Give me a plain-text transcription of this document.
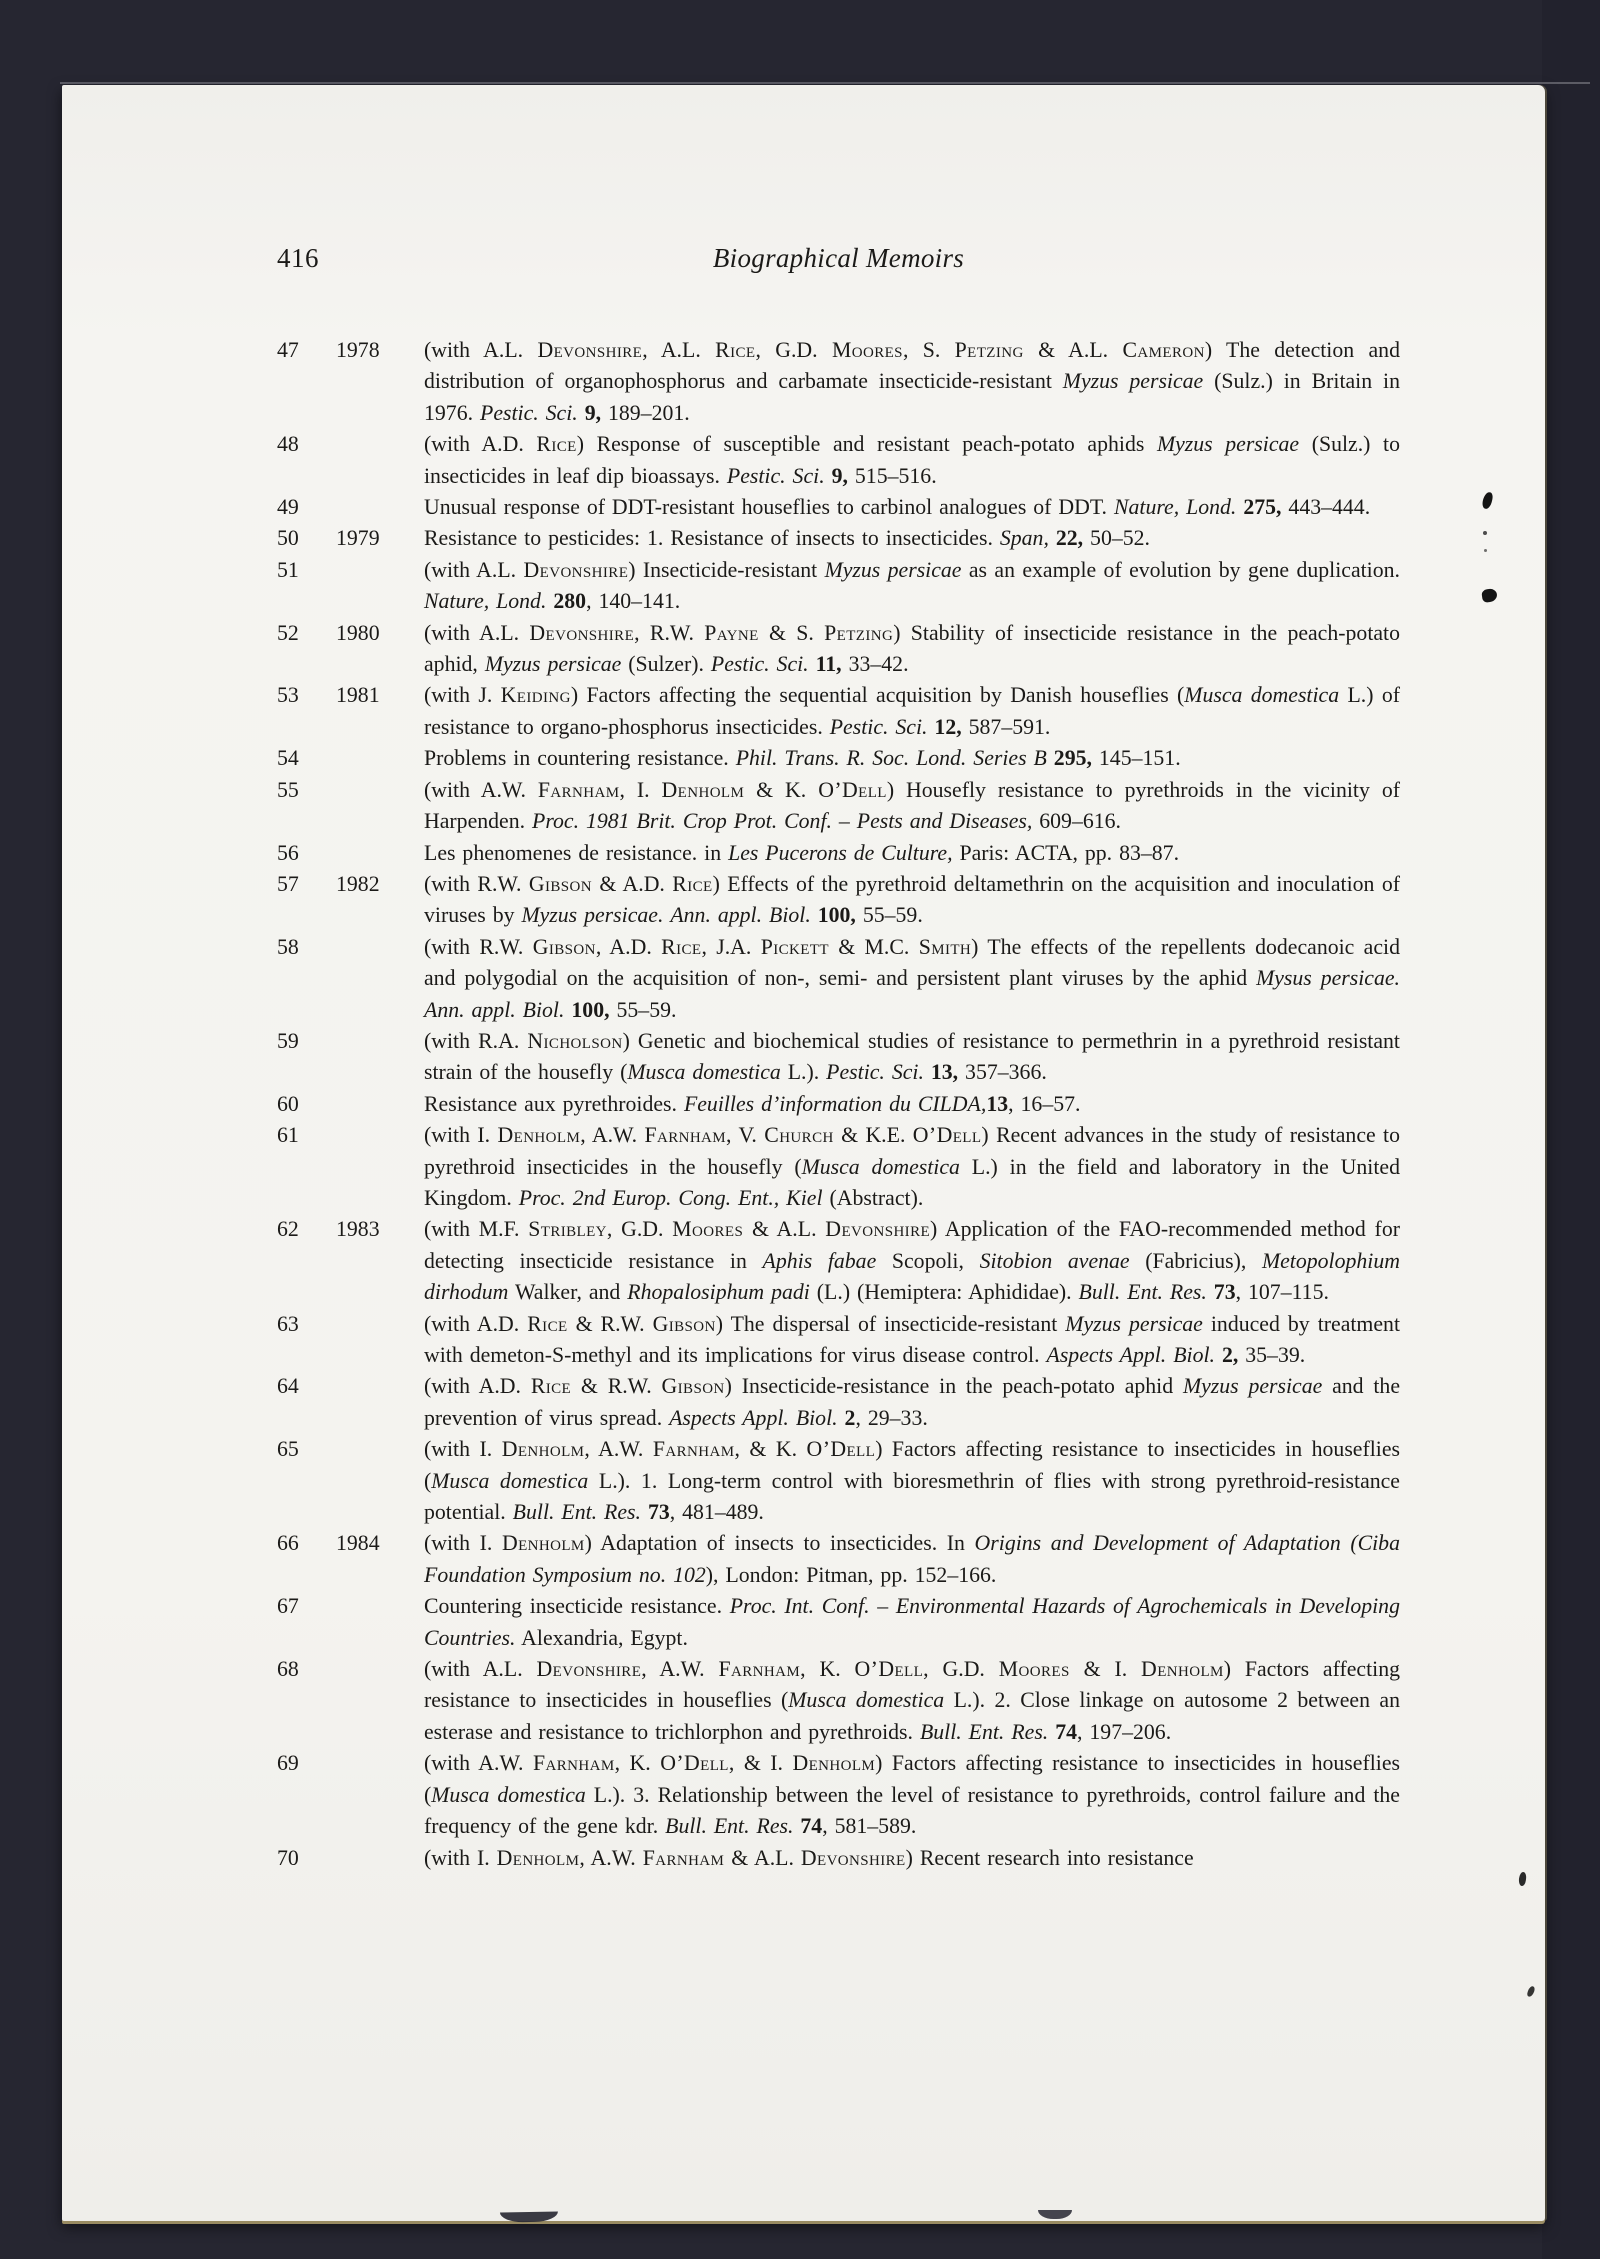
416	Biographical Memoirs
47	1978	(with A.L. Devonshire, A.L. Rice, G.D. Moores, S. Petzing & A.L. Cameron) The detection and distribution of organophosphorus and carbamate insecticide-resistant Myzus persicae (Sulz.) in Britain in 1976. Pestic. Sci. 9, 189–201.
48	(with A.D. Rice) Response of susceptible and resistant peach-potato aphids Myzus persicae (Sulz.) to insecticides in leaf dip bioassays. Pestic. Sci. 9, 515–516.
49	Unusual response of DDT-resistant houseflies to carbinol analogues of DDT. Nature, Lond. 275, 443–444.
50	1979	Resistance to pesticides: 1. Resistance of insects to insecticides. Span, 22, 50–52.
51	(with A.L. Devonshire) Insecticide-resistant Myzus persicae as an example of evolution by gene duplication. Nature, Lond. 280, 140–141.
52	1980	(with A.L. Devonshire, R.W. Payne & S. Petzing) Stability of insecticide resistance in the peach-potato aphid, Myzus persicae (Sulzer). Pestic. Sci. 11, 33–42.
53	1981	(with J. Keiding) Factors affecting the sequential acquisition by Danish houseflies (Musca domestica L.) of resistance to organo-phosphorus insecticides. Pestic. Sci. 12, 587–591.
54	Problems in countering resistance. Phil. Trans. R. Soc. Lond. Series B 295, 145–151.
55	(with A.W. Farnham, I. Denholm & K. O’Dell) Housefly resistance to pyrethroids in the vicinity of Harpenden. Proc. 1981 Brit. Crop Prot. Conf. – Pests and Diseases, 609–616.
56	Les phenomenes de resistance. in Les Pucerons de Culture, Paris: ACTA, pp. 83–87.
57	1982	(with R.W. Gibson & A.D. Rice) Effects of the pyrethroid deltamethrin on the acquisition and inoculation of viruses by Myzus persicae. Ann. appl. Biol. 100, 55–59.
58	(with R.W. Gibson, A.D. Rice, J.A. Pickett & M.C. Smith) The effects of the repellents dodecanoic acid and polygodial on the acquisition of non-, semi- and persistent plant viruses by the aphid Mysus persicae. Ann. appl. Biol. 100, 55–59.
59	(with R.A. Nicholson) Genetic and biochemical studies of resistance to permethrin in a pyrethroid resistant strain of the housefly (Musca domestica L.). Pestic. Sci. 13, 357–366.
60	Resistance aux pyrethroides. Feuilles d’information du CILDA,13, 16–57.
61	(with I. Denholm, A.W. Farnham, V. Church & K.E. O’Dell) Recent advances in the study of resistance to pyrethroid insecticides in the housefly (Musca domestica L.) in the field and laboratory in the United Kingdom. Proc. 2nd Europ. Cong. Ent., Kiel (Abstract).
62	1983	(with M.F. Stribley, G.D. Moores & A.L. Devonshire) Application of the FAO-recommended method for detecting insecticide resistance in Aphis fabae Scopoli, Sitobion avenae (Fabricius), Metopolophium dirhodum Walker, and Rhopalosiphum padi (L.) (Hemiptera: Aphididae). Bull. Ent. Res. 73, 107–115.
63	(with A.D. Rice & R.W. Gibson) The dispersal of insecticide-resistant Myzus persicae induced by treatment with demeton-S-methyl and its implications for virus disease control. Aspects Appl. Biol. 2, 35–39.
64	(with A.D. Rice & R.W. Gibson) Insecticide-resistance in the peach-potato aphid Myzus persicae and the prevention of virus spread. Aspects Appl. Biol. 2, 29–33.
65	(with I. Denholm, A.W. Farnham, & K. O’Dell) Factors affecting resistance to insecticides in houseflies (Musca domestica L.). 1. Long-term control with bioresmethrin of flies with strong pyrethroid-resistance potential. Bull. Ent. Res. 73, 481–489.
66	1984	(with I. Denholm) Adaptation of insects to insecticides. In Origins and Development of Adaptation (Ciba Foundation Symposium no. 102), London: Pitman, pp. 152–166.
67	Countering insecticide resistance. Proc. Int. Conf. – Environmental Hazards of Agrochemicals in Developing Countries. Alexandria, Egypt.
68	(with A.L. Devonshire, A.W. Farnham, K. O’Dell, G.D. Moores & I. Denholm) Factors affecting resistance to insecticides in houseflies (Musca domestica L.). 2. Close linkage on autosome 2 between an esterase and resistance to trichlorphon and pyrethroids. Bull. Ent. Res. 74, 197–206.
69	(with A.W. Farnham, K. O’Dell, & I. Denholm) Factors affecting resistance to insecticides in houseflies (Musca domestica L.). 3. Relationship between the level of resistance to pyrethroids, control failure and the frequency of the gene kdr. Bull. Ent. Res. 74, 581–589.
70	(with I. Denholm, A.W. Farnham & A.L. Devonshire) Recent research into resistance
